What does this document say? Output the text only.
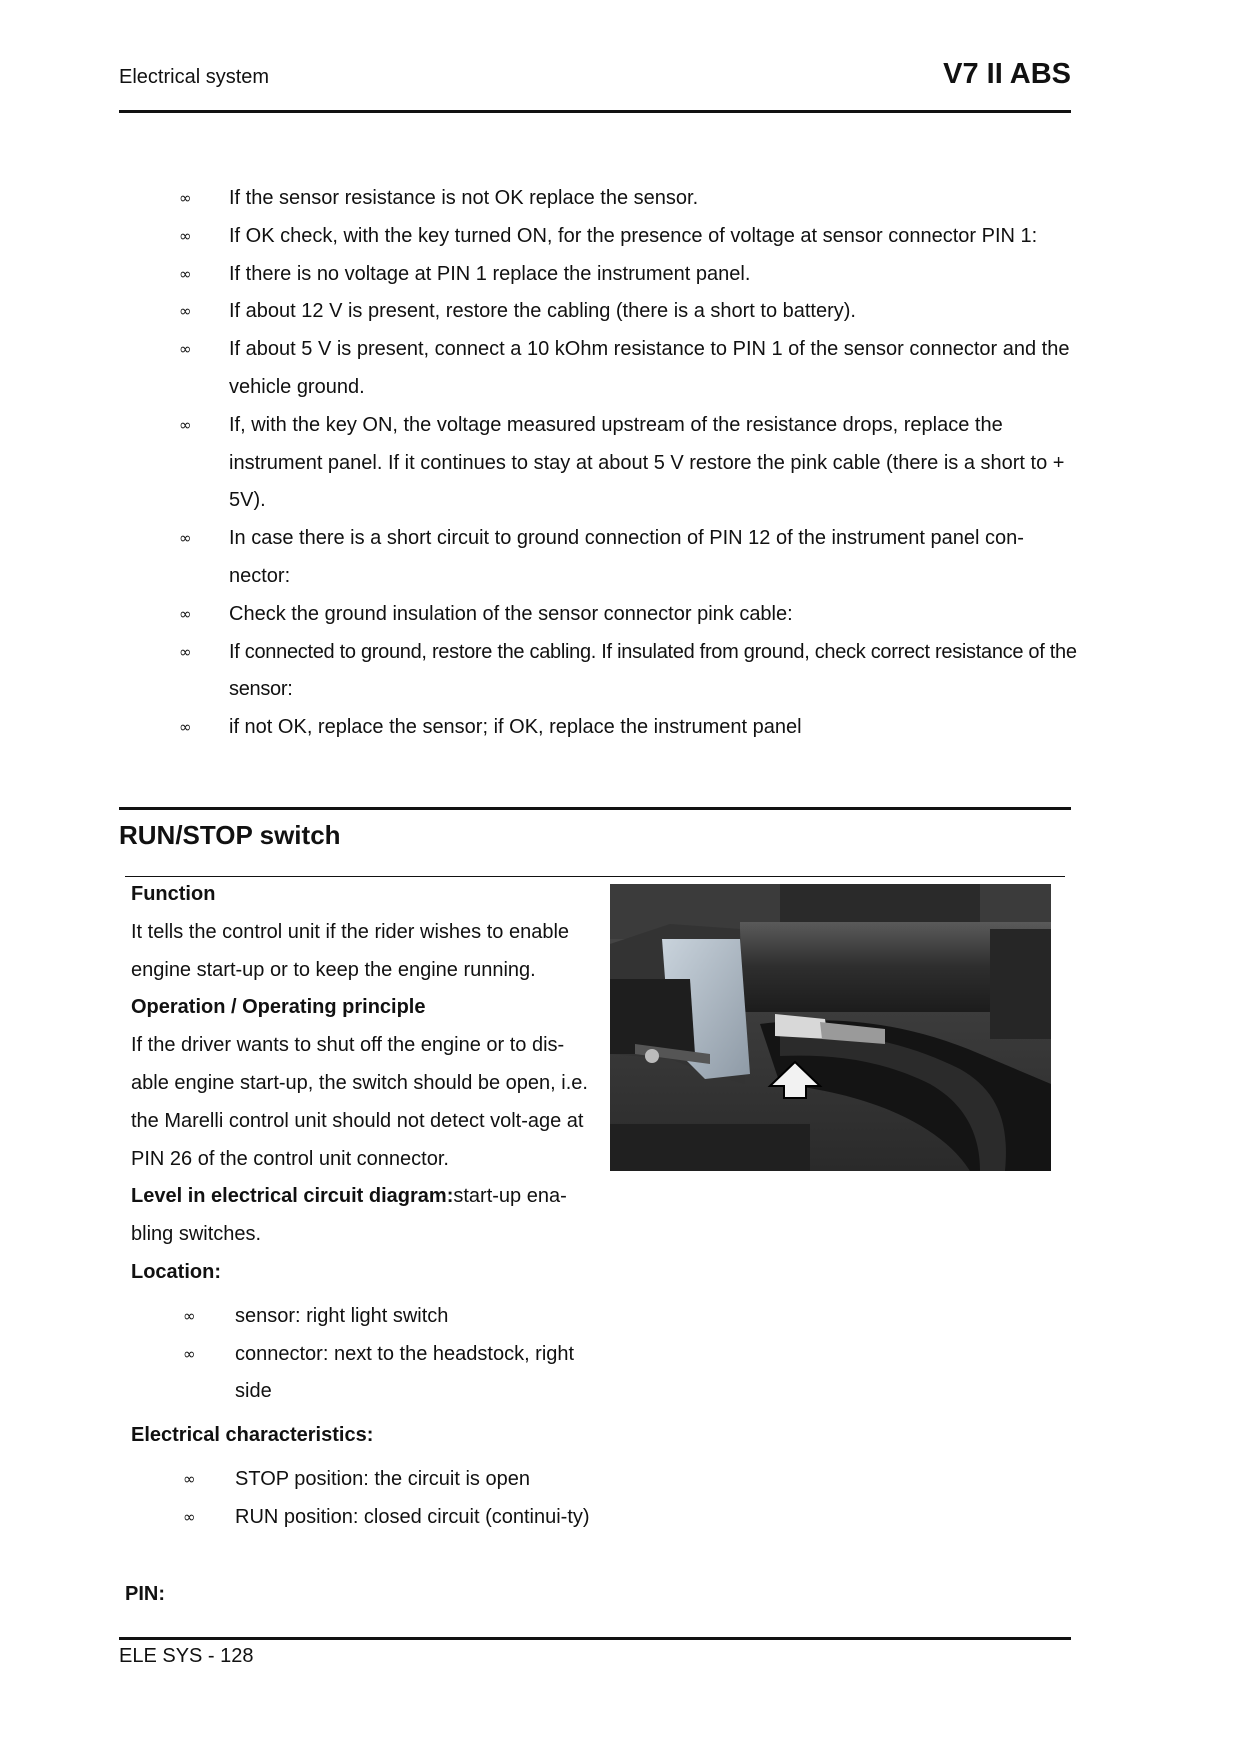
Electrical system	V7 II ABS
∞ If the sensor resistance is not OK replace the sensor.
∞ If OK check, with the key turned ON, for the presence of voltage at sensor connector PIN 1:
∞ If there is no voltage at PIN 1 replace the instrument panel.
∞ If about 12 V is present, restore the cabling (there is a short to battery).
∞ If about 5 V is present, connect a 10 kOhm resistance to PIN 1 of the sensor connector and the vehicle ground.
∞ If, with the key ON, the voltage measured upstream of the resistance drops, replace the instrument panel. If it continues to stay at about 5 V restore the pink cable (there is a short to + 5V).
∞ In case there is a short circuit to ground connection of PIN 12 of the instrument panel con-nector:
∞ Check the ground insulation of the sensor connector pink cable:
∞ If connected to ground, restore the cabling. If insulated from ground, check correct resistance of the sensor:
∞ if not OK, replace the sensor; if OK, replace the instrument panel
RUN/STOP switch

Function

It tells the control unit if the rider wishes to enable engine start-up or to keep the engine running.

Operation / Operating principle

If the driver wants to shut off the engine or to dis-able engine start-up, the switch should be open, i.e. the Marelli control unit should not detect volt-age at PIN 26 of the control unit connector.

Level in electrical circuit diagram:start-up ena-bling switches.

Location:

∞ sensor: right light switch
∞ connector: next to the headstock, right side

Electrical characteristics:

∞ STOP position: the circuit is open
∞ RUN position: closed circuit (continui-ty)
PIN:
ELE SYS - 128
